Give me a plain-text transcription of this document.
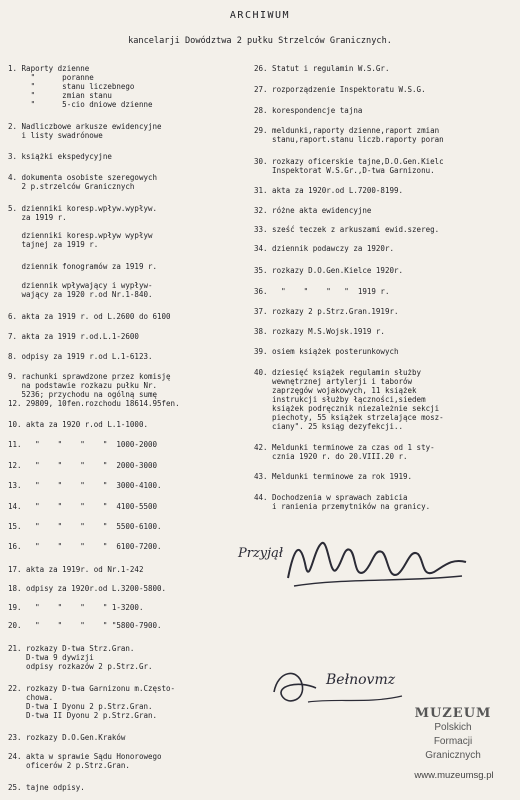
ARCHIWUM
kancelarji Dowództwa 2 pułku Strzelców Granicznych.
1. Raporty dzienne
"      poranne
"      stanu liczebnego
"      zmian stanu
"      5-cio dniowe dzienne
2. Nadliczbowe arkusze ewidencyjne
i listy swadrónowe
3. książki ekspedycyjne
4. dokumenta osobiste szeregowych
2 p.strzelców Granicznych
5. dzienniki koresp.wpływ.wypływ.
za 1919 r.
dzienniki koresp.wpływ wypływ
tajnej za 1919 r.
dziennik fonogramów za 1919 r.
dziennik wpływający i wypływ-
wający za 1920 r.od Nr.1-840.
6. akta za 1919 r. od L.2600 do 6100
7. akta za 1919 r.od.L.1-2600
8. odpisy za 1919 r.od L.1-6123.
9. rachunki sprawdzone przez komisję
na podstawie rozkazu pułku Nr.
5236; przychodu na ogólną sumę
12. 29809, 10fen.rozchodu 18614.95fen.
10. akta za 1920 r.od L.1-1000.
11.   "    "    "    "  1000-2000
12.   "    "    "    "  2000-3000
13.   "    "    "    "  3000-4100.
14.   "    "    "    "  4100-5500
15.   "    "    "    "  5500-6100.
16.   "    "    "    "  6100-7200.
17. akta za 1919r. od Nr.1-242
18. odpisy za 1920r.od L.3200-5800.
19.   "    "    "    " 1-3200.
20.   "    "    "    " "5800-7900.
21. rozkazy D-twa Strz.Gran.
D-twa 9 dywizji
odpisy rozkazów 2 p.Strz.Gr.
22. rozkazy D-twa Garnizonu m.Często-
chowa.
D-twa I Dyonu 2 p.Strz.Gran.
D-twa II Dyonu 2 p.Strz.Gran.
23. rozkazy D.O.Gen.Kraków
24. akta w sprawie Sądu Honorowego
oficerów 2 p.Strz.Gran.
25. tajne odpisy.
26. Statut i regulamin W.S.Gr.
27. rozporządzenie Inspektoratu W.S.G.
28. korespondencje tajna
29. meldunki,raporty dzienne,raport zmian
stanu,raport.stanu liczb.raporty poran
30. rozkazy oficerskie tajne,D.O.Gen.Kielc
Inspektorat W.S.Gr.,D-twa Garnizonu.
31. akta za 1920r.od L.7200-8199.
32. różne akta ewidencyjne
33. sześć teczek z arkuszami ewid.szereg.
34. dziennik podawczy za 1920r.
35. rozkazy D.O.Gen.Kielce 1920r.
36.   "    "    "   "  1919 r.
37. rozkazy 2 p.Strz.Gran.1919r.
38. rozkazy M.S.Wojsk.1919 r.
39. osiem książek posterunkowych
40. dziesięć książek regulamin służby
wewnętrznej artylerji i taborów
zaprzęgów wojakowych, 11 książek
instrukcji służby łączności,siedem
książek podręcznik niezależnie sekcji
piechoty, 55 książek strzelające mosz-
ciany". 25 ksiąg dezyfekcji..
42. Meldunki terminowe za czas od 1 sty-
cznia 1920 r. do 20.VIII.20 r.
43. Meldunki terminowe za rok 1919.
44. Dochodzenia w sprawach zabicia
i ranienia przemytników na granicy.
Przyjął
Bełnovmz
MUZEUM
Polskich
Formacji
Granicznych
www.muzeumsg.pl
